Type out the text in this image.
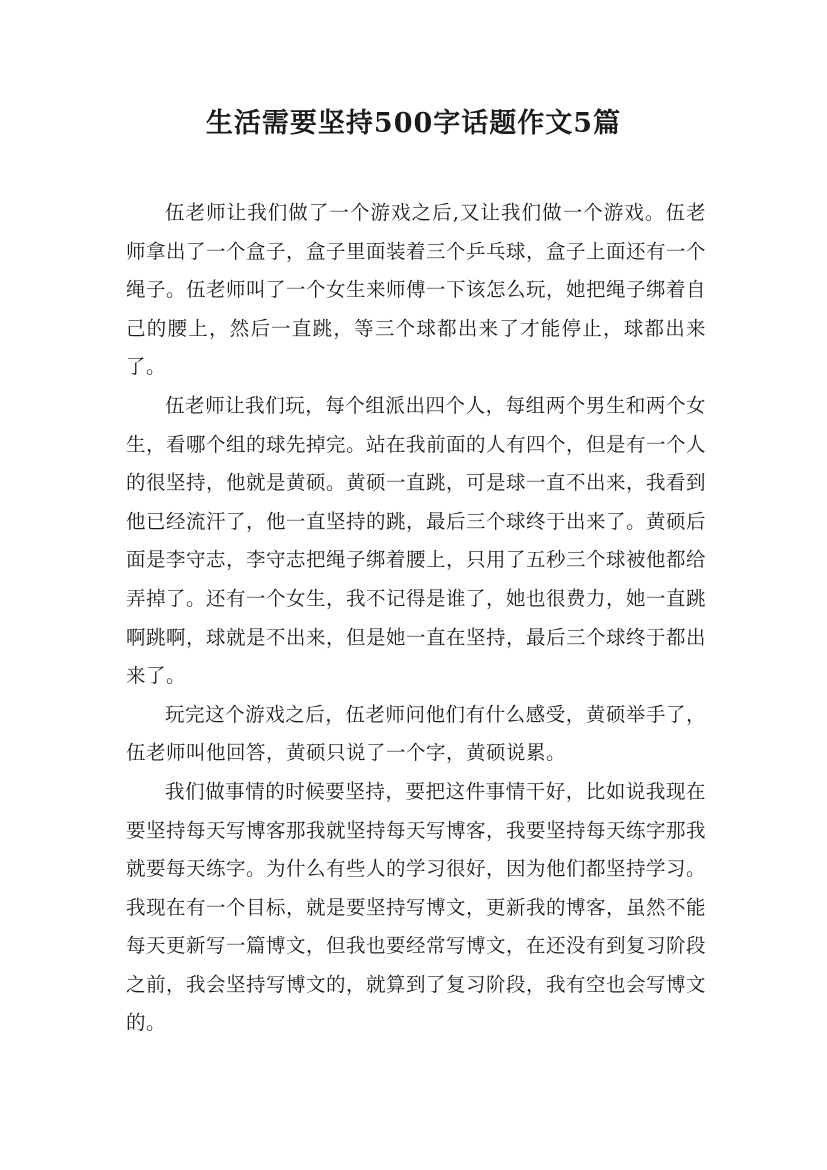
生活需要坚持500字话题作文5篇

伍老师让我们做了一个游戏之后,又让我们做一个游戏。伍老师拿出了一个盒子，盒子里面装着三个乒乓球，盒子上面还有一个绳子。伍老师叫了一个女生来师傅一下该怎么玩，她把绳子绑着自己的腰上，然后一直跳，等三个球都出来了才能停止，球都出来了。

伍老师让我们玩，每个组派出四个人，每组两个男生和两个女生，看哪个组的球先掉完。站在我前面的人有四个，但是有一个人的很坚持，他就是黄硕。黄硕一直跳，可是球一直不出来，我看到他已经流汗了，他一直坚持的跳，最后三个球终于出来了。黄硕后面是李守志，李守志把绳子绑着腰上，只用了五秒三个球被他都给弄掉了。还有一个女生，我不记得是谁了，她也很费力，她一直跳啊跳啊，球就是不出来，但是她一直在坚持，最后三个球终于都出来了。

玩完这个游戏之后，伍老师问他们有什么感受，黄硕举手了，伍老师叫他回答，黄硕只说了一个字，黄硕说累。

我们做事情的时候要坚持，要把这件事情干好，比如说我现在要坚持每天写博客那我就坚持每天写博客，我要坚持每天练字那我就要每天练字。为什么有些人的学习很好，因为他们都坚持学习。我现在有一个目标，就是要坚持写博文，更新我的博客，虽然不能每天更新写一篇博文，但我也要经常写博文，在还没有到复习阶段之前，我会坚持写博文的，就算到了复习阶段，我有空也会写博文的。
